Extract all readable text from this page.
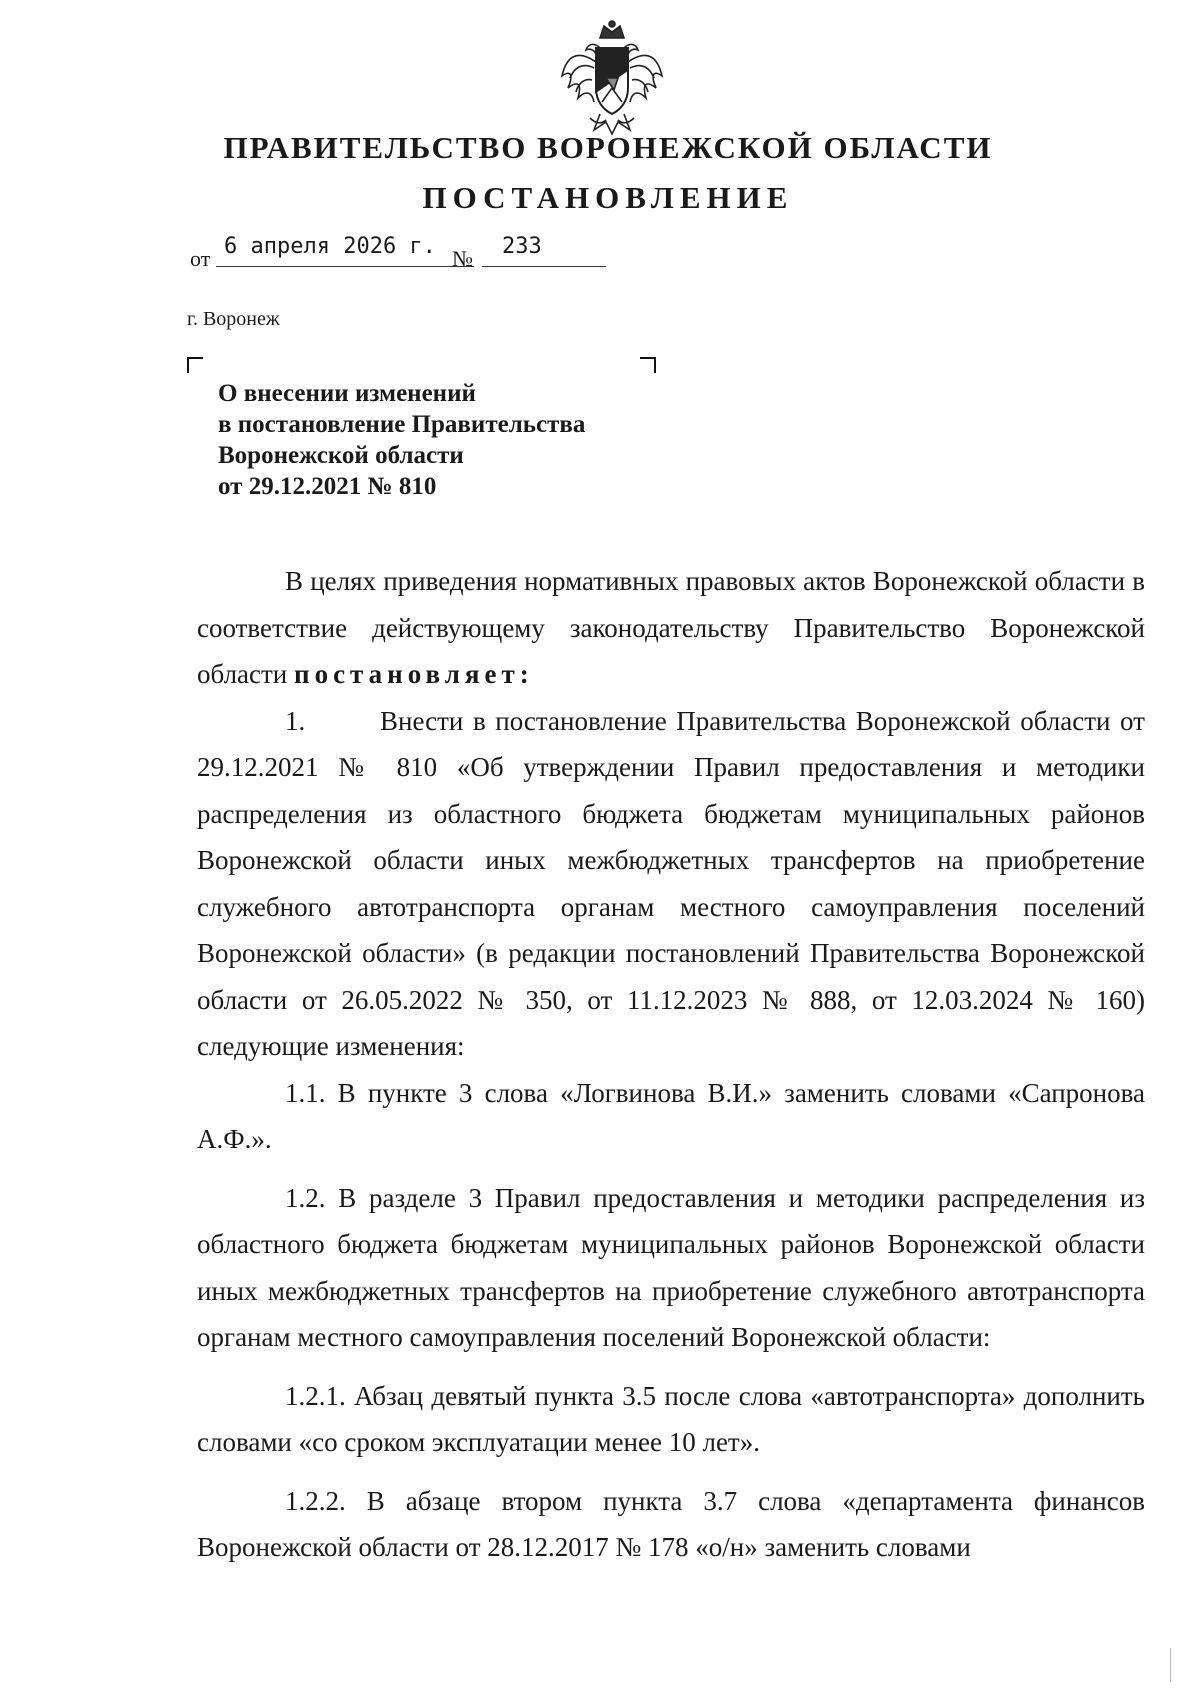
ПРАВИТЕЛЬСТВО ВОРОНЕЖСКОЙ ОБЛАСТИ
ПОСТАНОВЛЕНИЕ
от 6 апреля 2026 г. № 233
г. Воронеж
О внесении изменений
в постановление Правительства
Воронежской области
от 29.12.2021 № 810

В целях приведения нормативных правовых актов Воронежской области в соответствие действующему законодательству Правительство Воронежской области постановляет:

1.	Внести в постановление Правительства Воронежской области от 29.12.2021 № 810 «Об утверждении Правил предоставления и методики распределения из областного бюджета бюджетам муниципальных районов Воронежской области иных межбюджетных трансфертов на приобретение служебного автотранспорта органам местного самоуправления поселений Воронежской области» (в редакции постановлений Правительства Воронежской области от 26.05.2022 № 350, от 11.12.2023 № 888, от 12.03.2024 № 160) следующие изменения:

1.1. В пункте 3 слова «Логвинова В.И.» заменить словами «Сапронова А.Ф.».

1.2. В разделе 3 Правил предоставления и методики распределения из областного бюджета бюджетам муниципальных районов Воронежской области иных межбюджетных трансфертов на приобретение служебного автотранспорта органам местного самоуправления поселений Воронежской области:

1.2.1. Абзац девятый пункта 3.5 после слова «автотранспорта» дополнить словами «со сроком эксплуатации менее 10 лет».

1.2.2. В абзаце втором пункта 3.7 слова «департамента финансов Воронежской области от 28.12.2017 № 178 «о/н» заменить словами
